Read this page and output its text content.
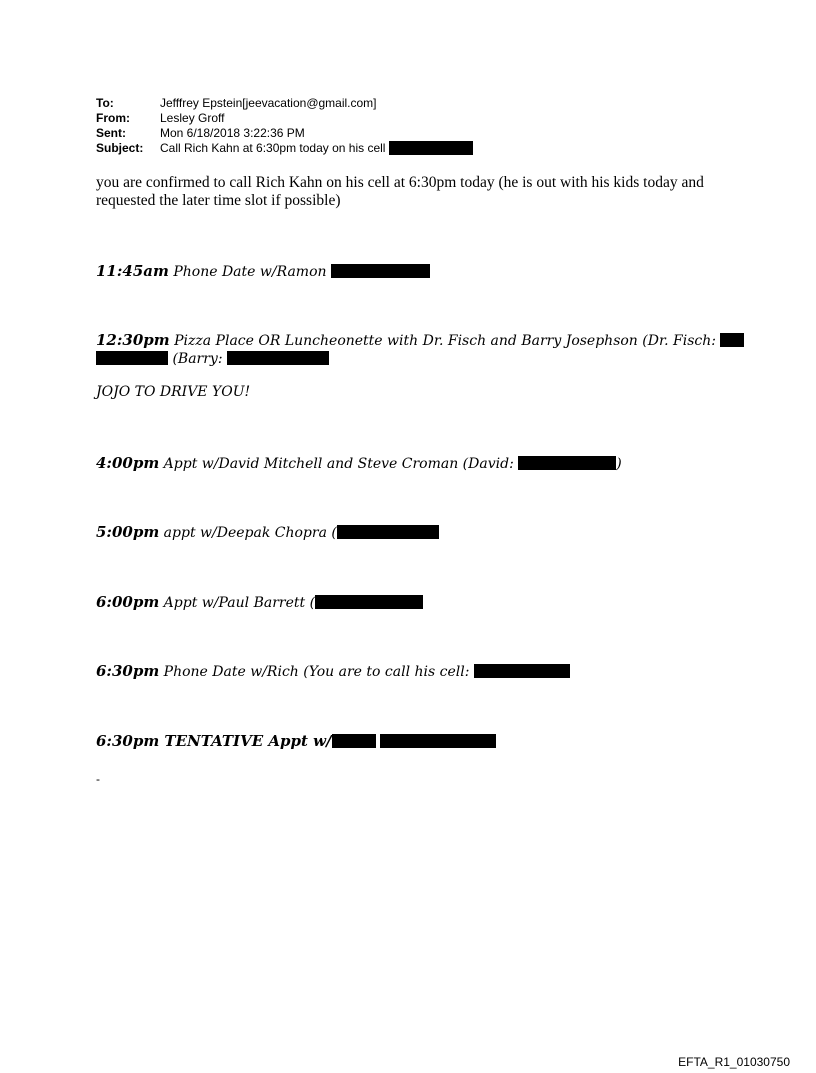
To:	Jefffrey Epstein[jeevacation@gmail.com]
From:	Lesley Groff
Sent:	Mon 6/18/2018 3:22:36 PM
Subject:	Call Rich Kahn at 6:30pm today on his cell
you are confirmed to call Rich Kahn on his cell at 6:30pm today (he is out with his kids today and requested the later time slot if possible)
11:45am Phone Date w/Ramon
12:30pm Pizza Place OR Luncheonette with Dr. Fisch and Barry Josephson (Dr. Fisch:
(Barry:
JOJO TO DRIVE YOU!
4:00pm Appt w/David Mitchell and Steve Croman (David:	)
5:00pm appt w/Deepak Chopra (
6:00pm Appt w/Paul Barrett (
6:30pm Phone Date w/Rich (You are to call his cell:
6:30pm TENTATIVE Appt w/
-
EFTA_R1_01030750
